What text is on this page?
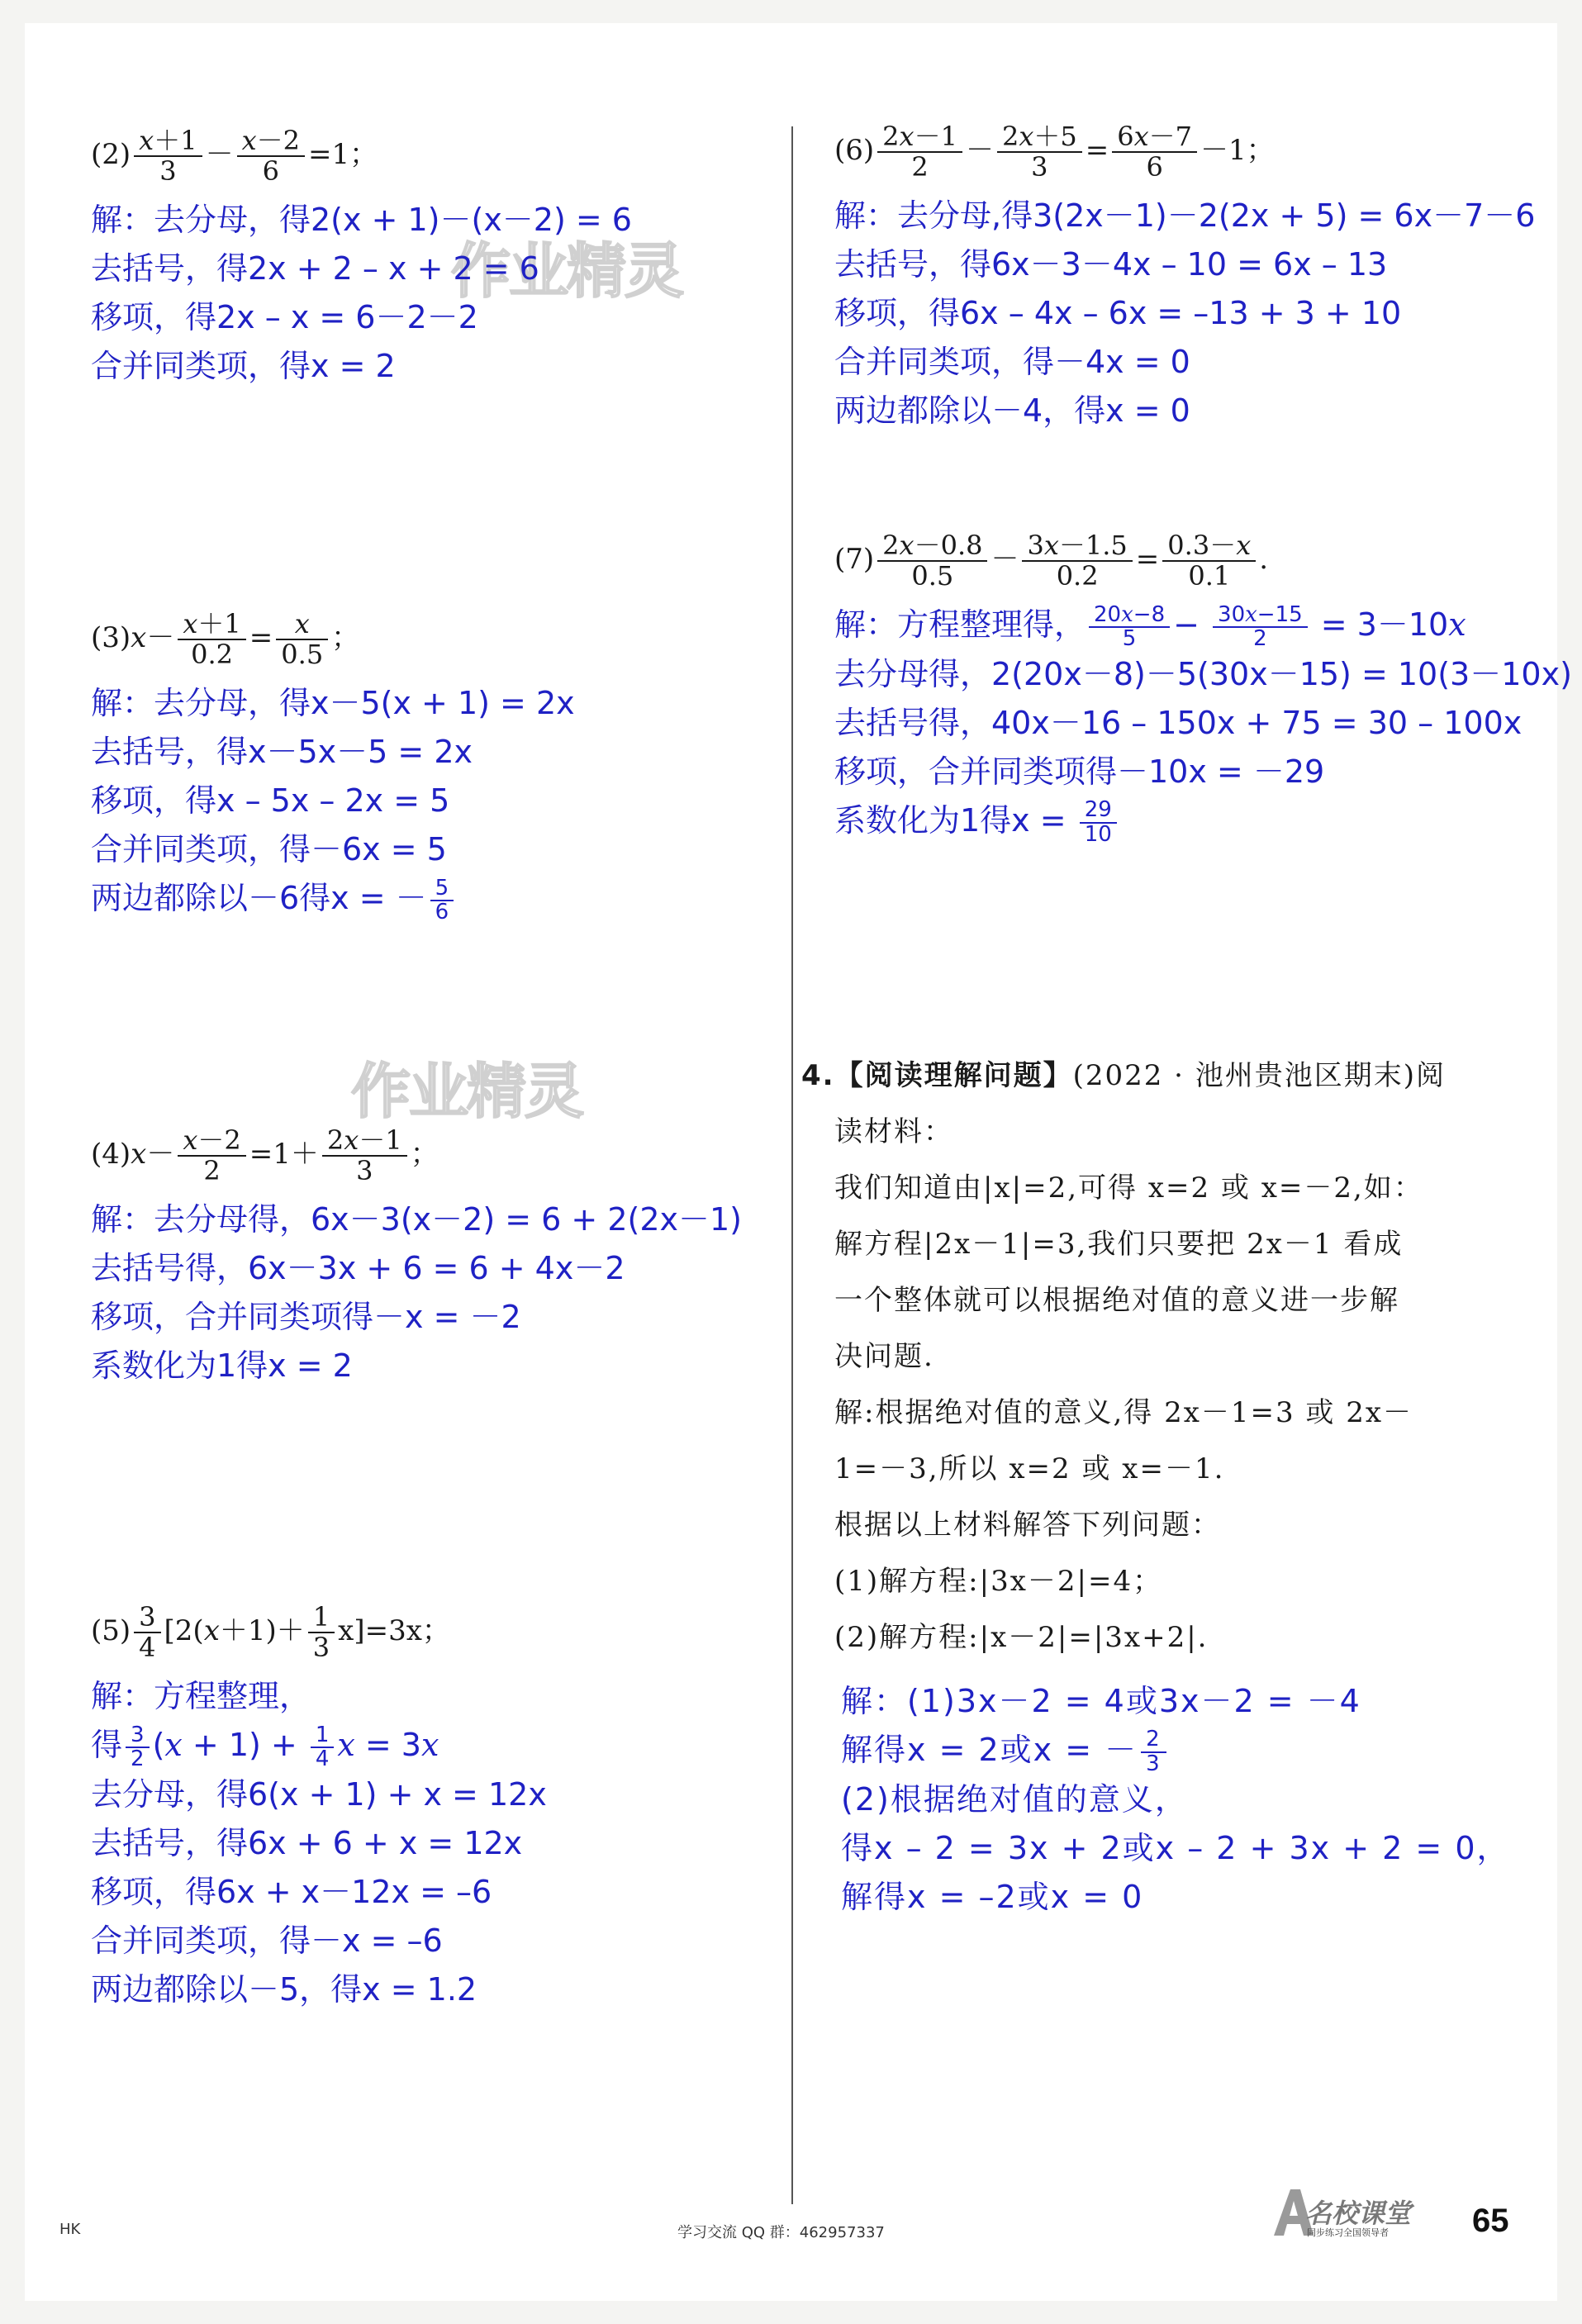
作业精灵
作业精灵
$(2) \frac{x+1}{3} - \frac{x-2}{6} =1$；
解：去分母，得2(x + 1)－(x－2) = 6
去括号，得2x + 2 – x + 2 = 6
移项，得2x – x = 6－2－2
合并同类项，得x = 2
$(3)x- \frac{x+1}{0.2} = \frac{x}{0.5}$ ；
解：去分母，得x－5(x + 1) = 2x
去括号，得x－5x－5 = 2x
移项，得x – 5x – 2x = 5
合并同类项，得－6x = 5
两边都除以－6得x = － $\frac{5}{6}$
$(4)x- \frac{x-2}{2} =1+ \frac{2x-1}{3}$ ；
解：去分母得，6x－3(x－2) = 6 + 2(2x－1)
去括号得，6x－3x + 6 = 6 + 4x－2
移项，合并同类项得－x = －2
系数化为1得x = 2
$(5) \frac{3}{4} [2(x+1)+ \frac{1}{3} x]=3x$；
解：方程整理，
得 $\frac{3}{2} (x + 1) + \frac{1}{4}$ x = 3x
去分母，得6(x + 1) + x = 12x
去括号，得6x + 6 + x = 12x
移项，得6x + x－12x = –6
合并同类项，得－x = –6
两边都除以－5，得x = 1.2
$(6) \frac{2x-1}{2} - \frac{2x+5}{3} = \frac{6x-7}{6} -1$；
解：去分母,得3(2x－1)－2(2x + 5) = 6x－7－6
去括号，得6x－3－4x – 10 = 6x – 13
移项，得6x – 4x – 6x = –13 + 3 + 10
合并同类项，得－4x = 0
两边都除以－4，得x = 0
$(7) \frac{2x-0.8}{0.5} - \frac{3x-1.5}{0.2} = \frac{0.3-x}{0.1}$ .
解：方程整理得， $\frac{20x-8}{5} - \frac{30x-15}{2} = 3-10x$
去分母得，2(20x－8)－5(30x－15) = 10(3－10x)
去括号得，40x－16 – 150x + 75 = 30 – 100x
移项，合并同类项得－10x = －29
系数化为1得$x = \frac{29}{10}$
4.【阅读理解问题】(2022 · 池州贵池区期末)阅
读材料：
我们知道由|x|=2,可得 x=2 或 x=－2,如：
解方程|2x－1|=3,我们只要把 2x－1 看成
一个整体就可以根据绝对值的意义进一步解
决问题.
解:根据绝对值的意义,得 2x－1=3 或 2x－
1=－3,所以 x=2 或 x=－1.
根据以上材料解答下列问题：
(1)解方程:|3x－2|=4；
(2)解方程:|x－2|=|3x+2|.
解：(1)3x－2 = 4或3x－2 = －4
解得x = 2或x = － $\frac{2}{3}$
(2)根据绝对值的意义，
得x – 2 = 3x + 2或x – 2 + 3x + 2 = 0，
解得x = –2或x = 0
HK	学习交流 QQ 群：462957337
名校课堂
同步练习全国领导者	65
